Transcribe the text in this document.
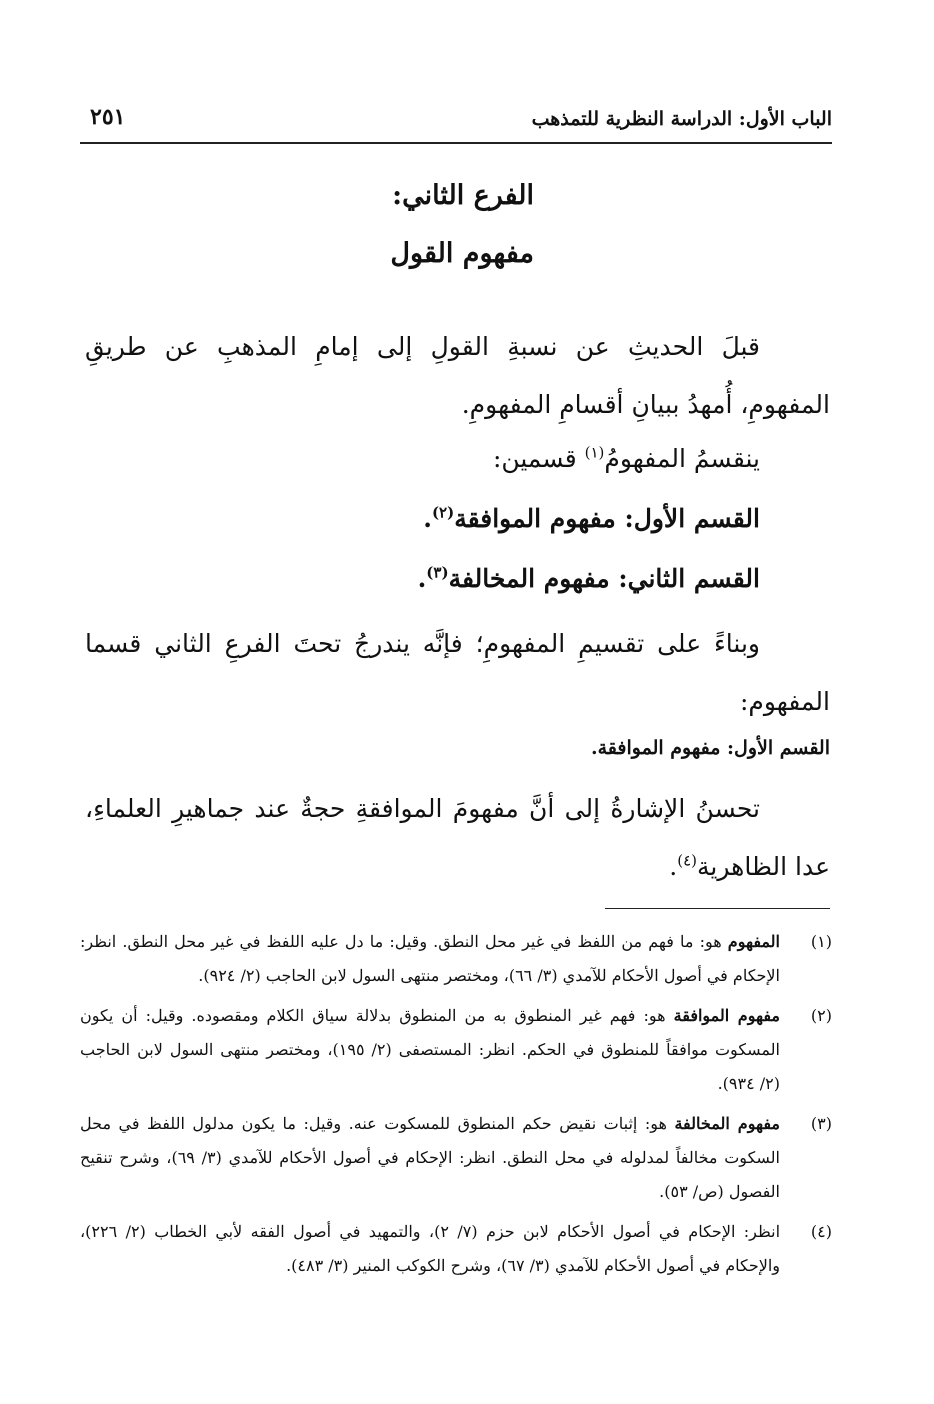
الباب الأول: الدراسة النظرية للتمذهب
٢٥١
الفرع الثاني:
مفهوم القول
قبلَ الحديثِ عن نسبةِ القولِ إلى إمامِ المذهبِ عن طريقِ المفهومِ، أُمهدُ ببيانِ أقسامِ المفهومِ.
ينقسمُ المفهومُ$^{(١)}$ قسمين:
القسم الأول: مفهوم الموافقة$^{(٢)}$.
القسم الثاني: مفهوم المخالفة$^{(٣)}$.
وبناءً على تقسيمِ المفهومِ؛ فإنَّه يندرجُ تحتَ الفرعِ الثاني قسما المفهوم:
القسم الأول: مفهوم الموافقة.
تحسنُ الإشارةُ إلى أنَّ مفهومَ الموافقةِ حجةٌ عند جماهيرِ العلماءِ، عدا الظاهرية$^{(٤)}$.
(١)
المفهوم هو: ما فهم من اللفظ في غير محل النطق. وقيل: ما دل عليه اللفظ في غير محل النطق. انظر: الإحكام في أصول الأحكام للآمدي (٣/ ٦٦)، ومختصر منتهى السول لابن الحاجب (٢/ ٩٢٤).
(٢)
مفهوم الموافقة هو: فهم غير المنطوق به من المنطوق بدلالة سياق الكلام ومقصوده. وقيل: أن يكون المسكوت موافقاً للمنطوق في الحكم. انظر: المستصفى (٢/ ١٩٥)، ومختصر منتهى السول لابن الحاجب (٢/ ٩٣٤).
(٣)
مفهوم المخالفة هو: إثبات نقيض حكم المنطوق للمسكوت عنه. وقيل: ما يكون مدلول اللفظ في محل السكوت مخالفاً لمدلوله في محل النطق. انظر: الإحكام في أصول الأحكام للآمدي (٣/ ٦٩)، وشرح تنقيح الفصول (ص/ ٥٣).
(٤)
انظر: الإحكام في أصول الأحكام لابن حزم (٧/ ٢)، والتمهيد في أصول الفقه لأبي الخطاب (٢/ ٢٢٦)، والإحكام في أصول الأحكام للآمدي (٣/ ٦٧)، وشرح الكوكب المنير (٣/ ٤٨٣).
